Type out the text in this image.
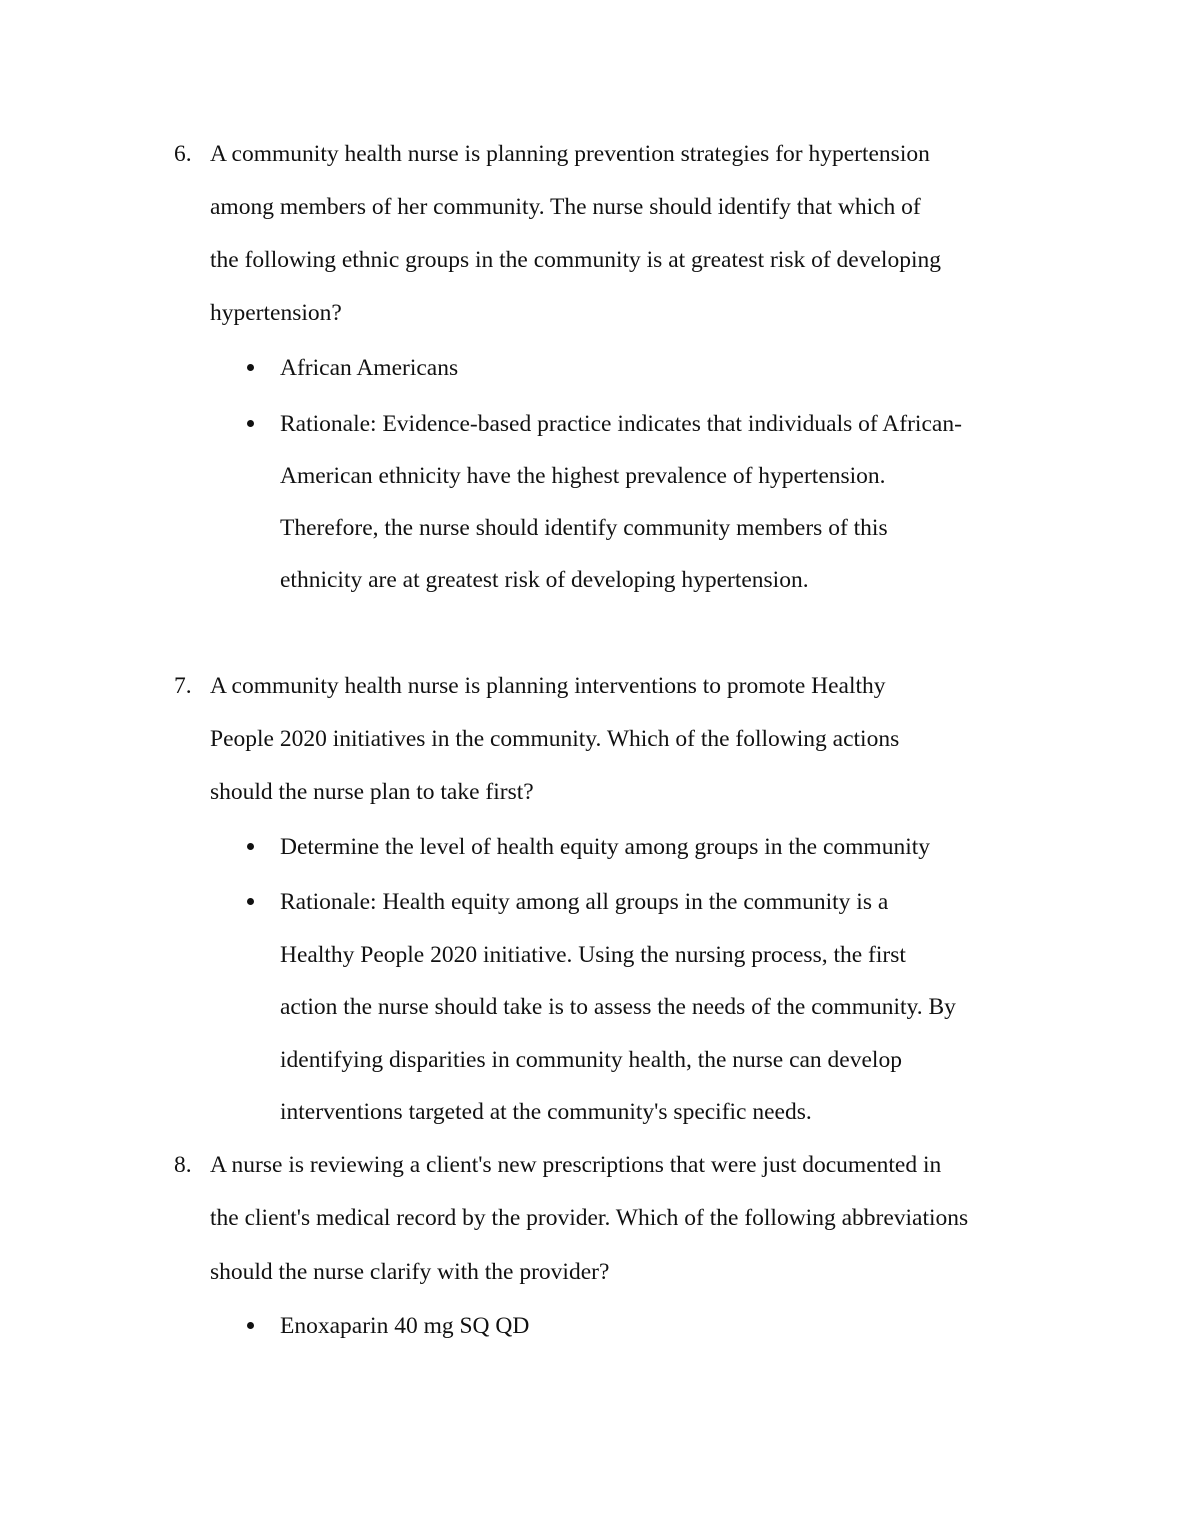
6. A community health nurse is planning prevention strategies for hypertension
among members of her community. The nurse should identify that which of
the following ethnic groups in the community is at greatest risk of developing
hypertension?
African Americans
Rationale: Evidence-based practice indicates that individuals of African-
American ethnicity have the highest prevalence of hypertension.
Therefore, the nurse should identify community members of this
ethnicity are at greatest risk of developing hypertension.
7. A community health nurse is planning interventions to promote Healthy
People 2020 initiatives in the community. Which of the following actions
should the nurse plan to take first?
Determine the level of health equity among groups in the community
Rationale: Health equity among all groups in the community is a
Healthy People 2020 initiative. Using the nursing process, the first
action the nurse should take is to assess the needs of the community. By
identifying disparities in community health, the nurse can develop
interventions targeted at the community's specific needs.
8. A nurse is reviewing a client's new prescriptions that were just documented in
the client's medical record by the provider. Which of the following abbreviations
should the nurse clarify with the provider?
Enoxaparin 40 mg SQ QD
